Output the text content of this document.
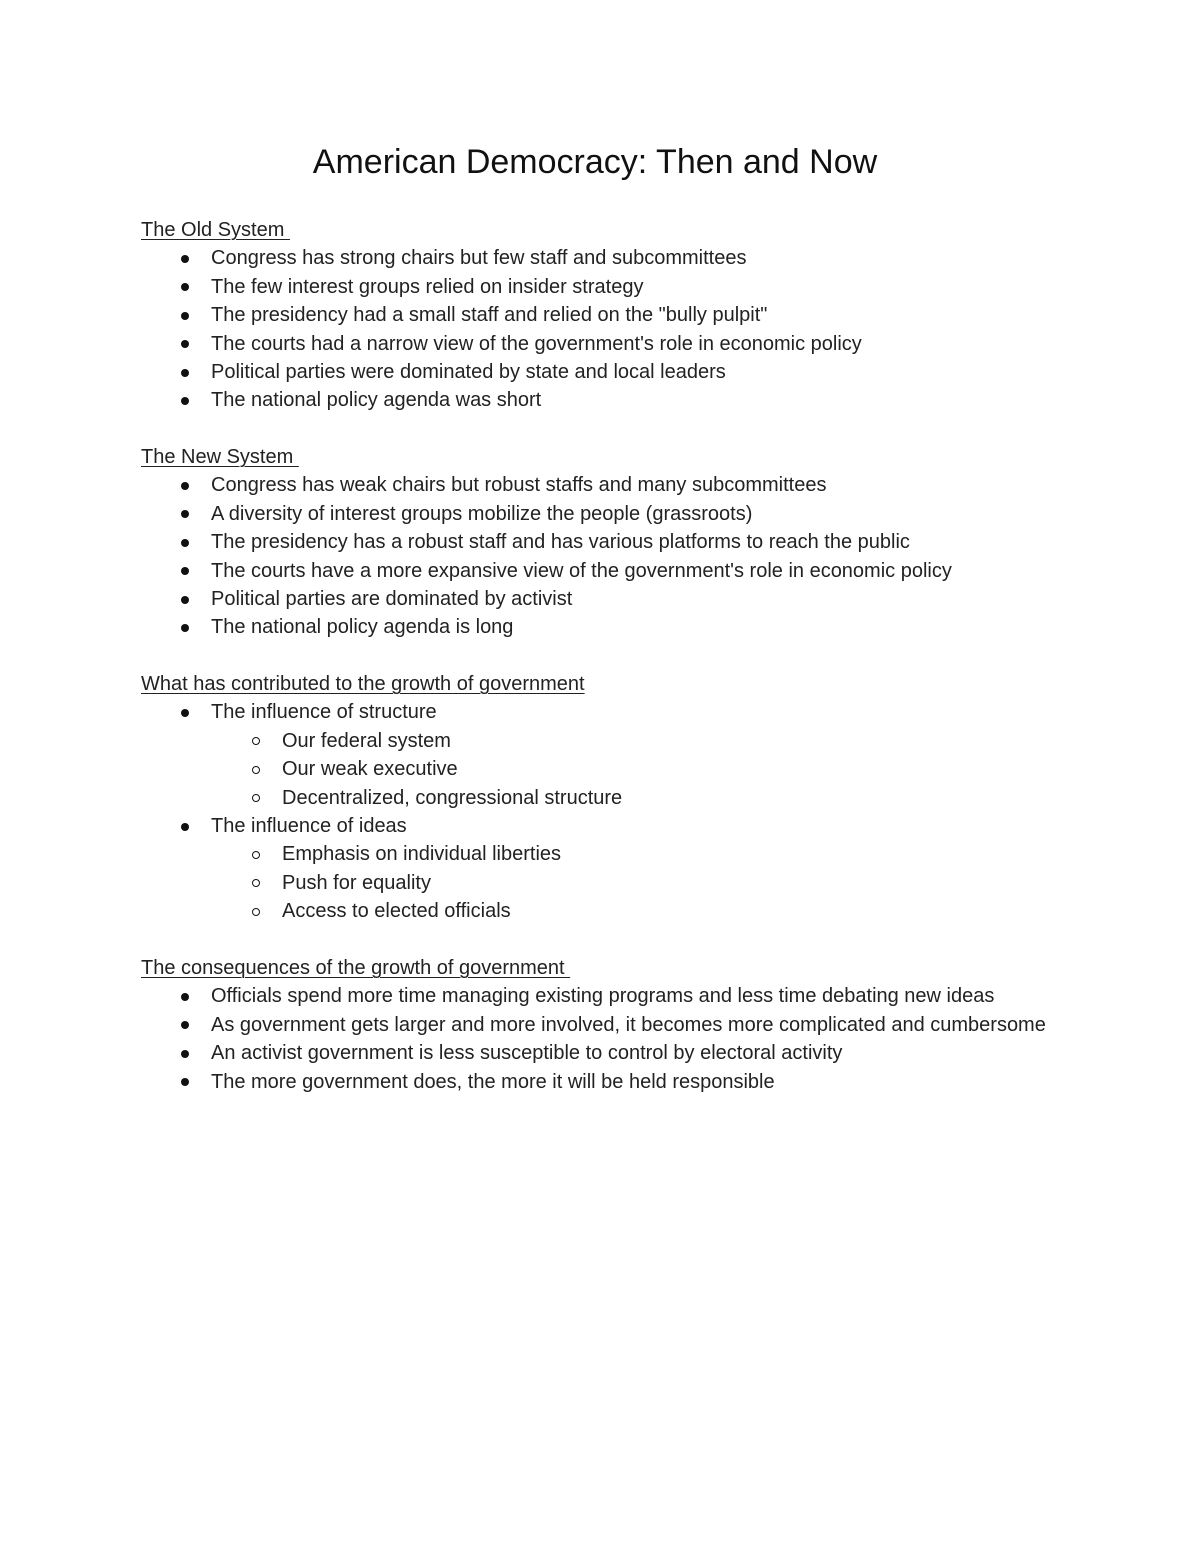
American Democracy: Then and Now
The Old System
Congress has strong chairs but few staff and subcommittees
The few interest groups relied on insider strategy
The presidency had a small staff and relied on the "bully pulpit"
The courts had a narrow view of the government's role in economic policy
Political parties were dominated by state and local leaders
The national policy agenda was short
The New System
Congress has weak chairs but robust staffs and many subcommittees
A diversity of interest groups mobilize the people (grassroots)
The presidency has a robust staff and has various platforms to reach the public
The courts have a more expansive view of the government's role in economic policy
Political parties are dominated by activist
The national policy agenda is long
What has contributed to the growth of government
The influence of structure
Our federal system
Our weak executive
Decentralized, congressional structure
The influence of ideas
Emphasis on individual liberties
Push for equality
Access to elected officials
The consequences of the growth of government
Officials spend more time managing existing programs and less time debating new ideas
As government gets larger and more involved, it becomes more complicated and cumbersome
An activist government is less susceptible to control by electoral activity
The more government does, the more it will be held responsible
